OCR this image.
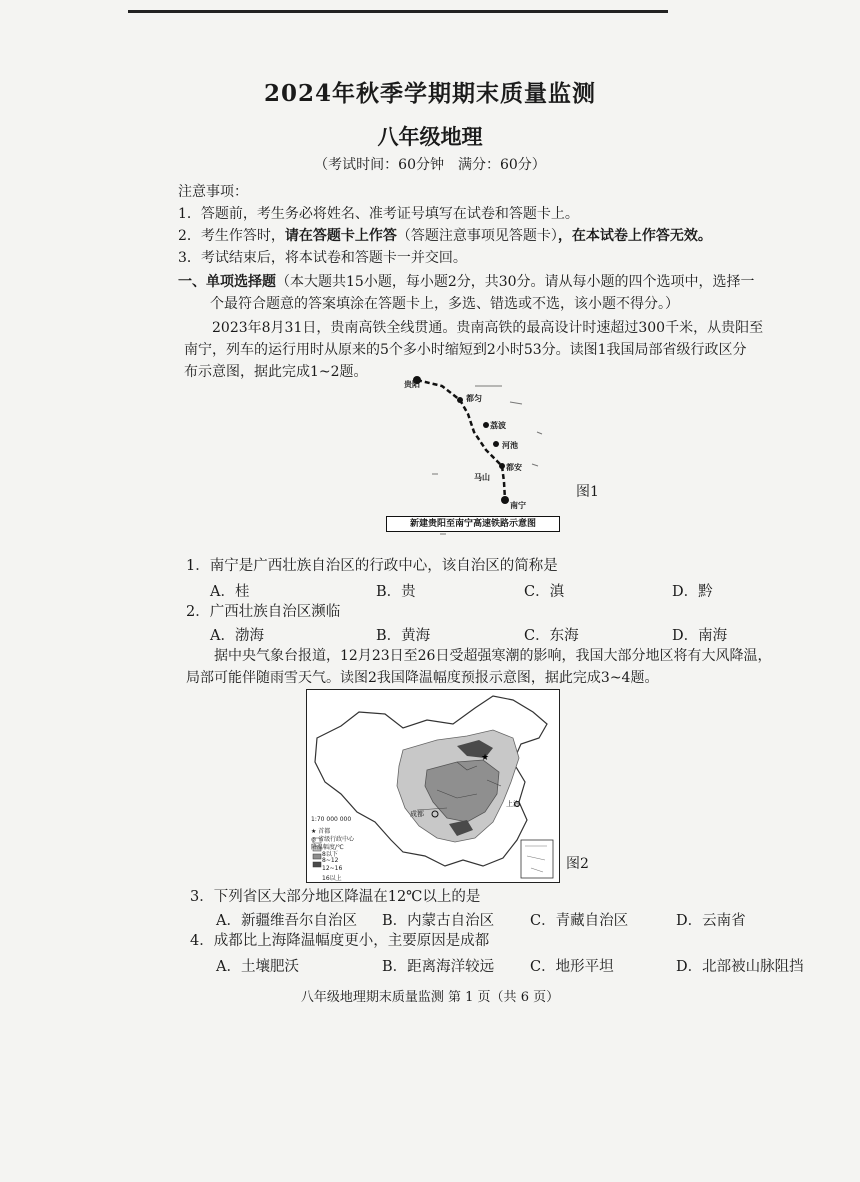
2024年秋季学期期末质量监测
八年级地理
（考试时间：60分钟　满分：60分）
注意事项：
1．答题前，考生务必将姓名、准考证号填写在试卷和答题卡上。
2．考生作答时，请在答题卡上作答（答题注意事项见答题卡），在本试卷上作答无效。
3．考试结束后，将本试卷和答题卡一并交回。
一、单项选择题（本大题共15小题，每小题2分，共30分。请从每小题的四个选项中，选择一
个最符合题意的答案填涂在答题卡上，多选、错选或不选，该小题不得分。）
2023年8月31日，贵南高铁全线贯通。贵南高铁的最高设计时速超过300千米，从贵阳至
南宁，列车的运行用时从原来的5个多小时缩短到2小时53分。读图1我国局部省级行政区分
布示意图，据此完成1~2题。
贵阳
都匀
荔波
河池
都安
马山
南宁
新建贵阳至南宁高速铁路示意图
图1
1．南宁是广西壮族自治区的行政中心，该自治区的简称是
A．桂	B．贵	C．滇	D．黔
2．广西壮族自治区濒临
A．渤海	B．黄海	C．东海	D．南海
据中央气象台报道，12月23日至26日受超强寒潮的影响，我国大部分地区将有大风降温，
局部可能伴随雨雪天气。读图2我国降温幅度预报示意图，据此完成3~4题。
★
1:70 000 000
★ 首都
◎ 省级行政中心
降温幅度/℃
8以下
8~12
12~16
16以上
成都
上海
图2
3．下列省区大部分地区降温在12℃以上的是
A．新疆维吾尔自治区 B．内蒙古自治区 C．青藏自治区	D．云南省
4．成都比上海降温幅度更小，主要原因是成都
A．土壤肥沃	B．距离海洋较远 C．地形平坦	D．北部被山脉阻挡
八年级地理期末质量监测 第 1 页（共 6 页）
